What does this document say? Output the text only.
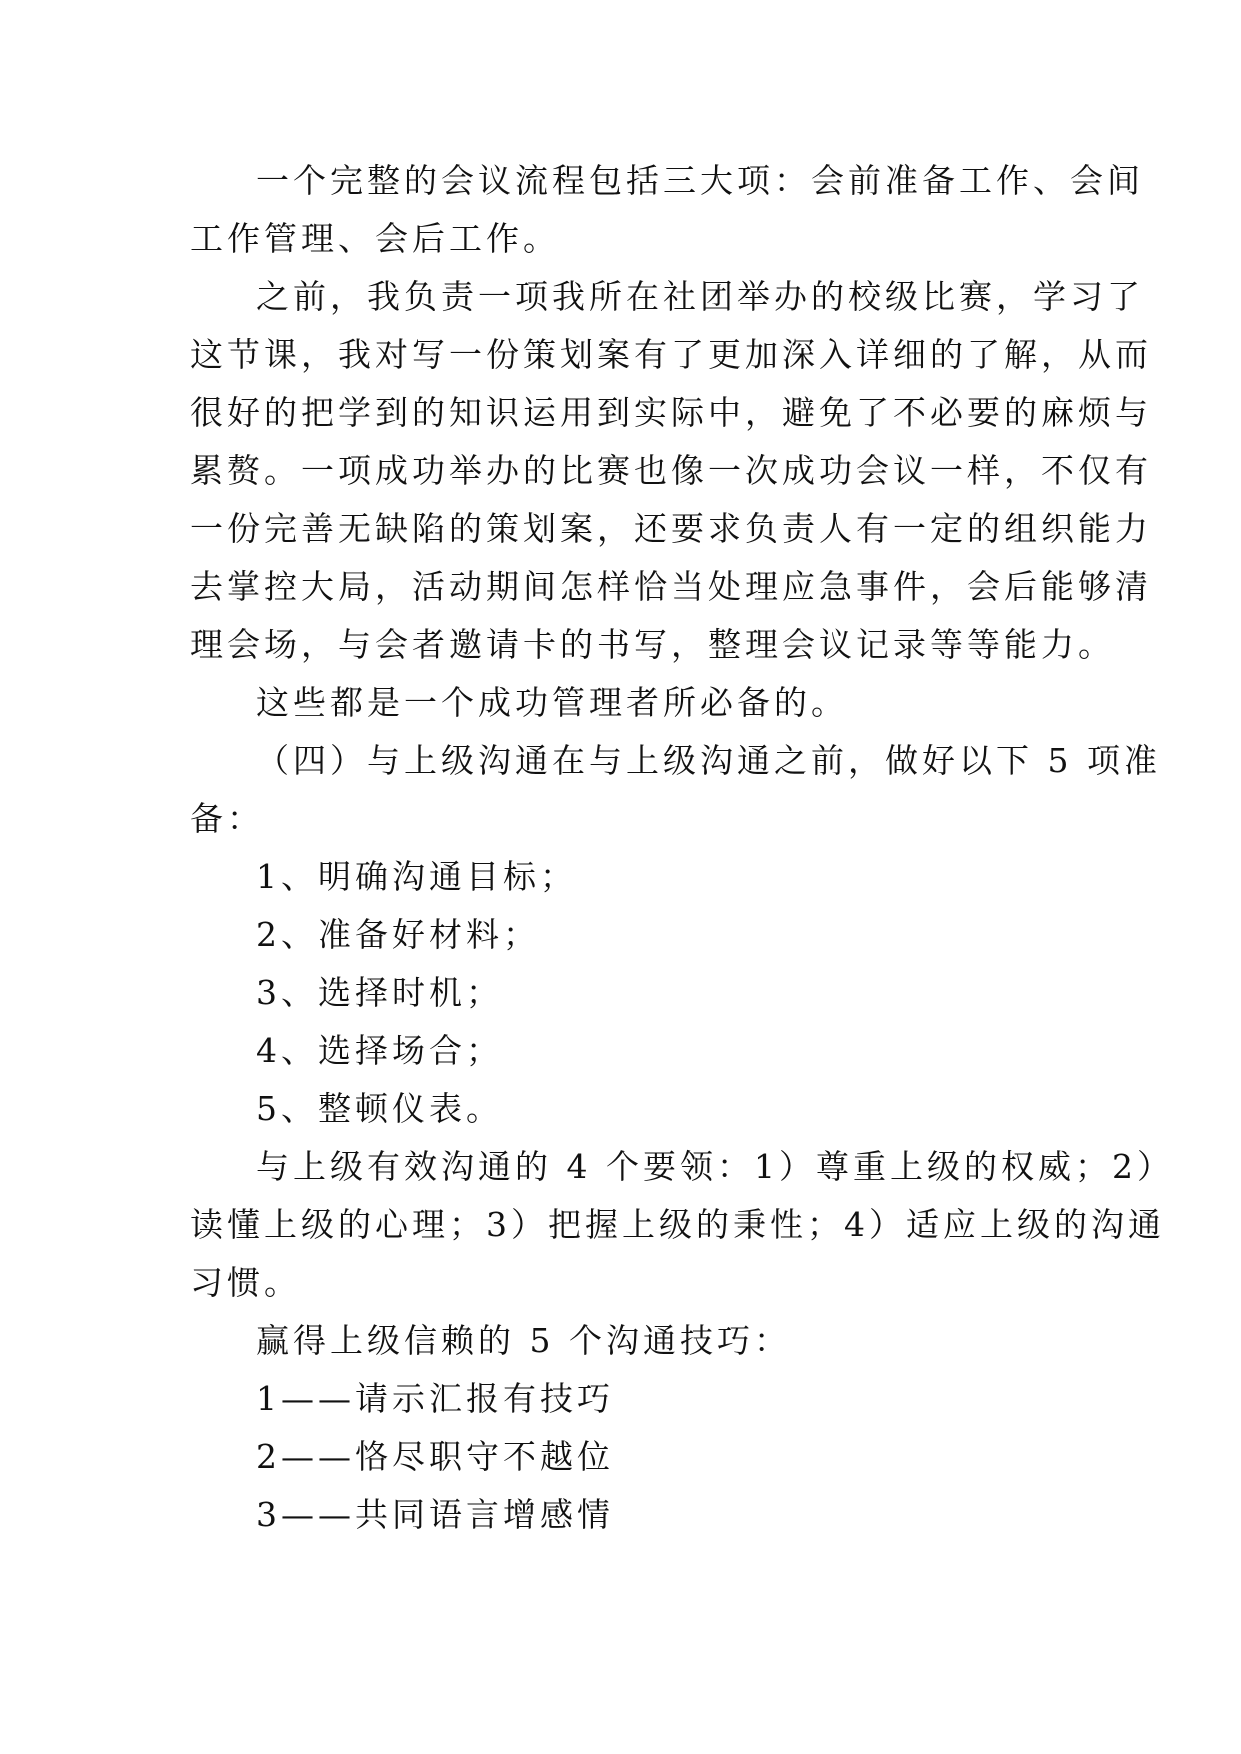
一个完整的会议流程包括三大项：会前准备工作、会间
工作管理、会后工作。
之前，我负责一项我所在社团举办的校级比赛，学习了
这节课，我对写一份策划案有了更加深入详细的了解，从而
很好的把学到的知识运用到实际中，避免了不必要的麻烦与
累赘。一项成功举办的比赛也像一次成功会议一样，不仅有
一份完善无缺陷的策划案，还要求负责人有一定的组织能力
去掌控大局，活动期间怎样恰当处理应急事件，会后能够清
理会场，与会者邀请卡的书写，整理会议记录等等能力。
这些都是一个成功管理者所必备的。
（四）与上级沟通在与上级沟通之前，做好以下 5 项准
备：
1、明确沟通目标；
2、准备好材料；
3、选择时机；
4、选择场合；
5、整顿仪表。
与上级有效沟通的 4 个要领：1）尊重上级的权威；2）
读懂上级的心理；3）把握上级的秉性；4）适应上级的沟通
习惯。
赢得上级信赖的 5 个沟通技巧：
1——请示汇报有技巧
2——恪尽职守不越位
3——共同语言增感情
